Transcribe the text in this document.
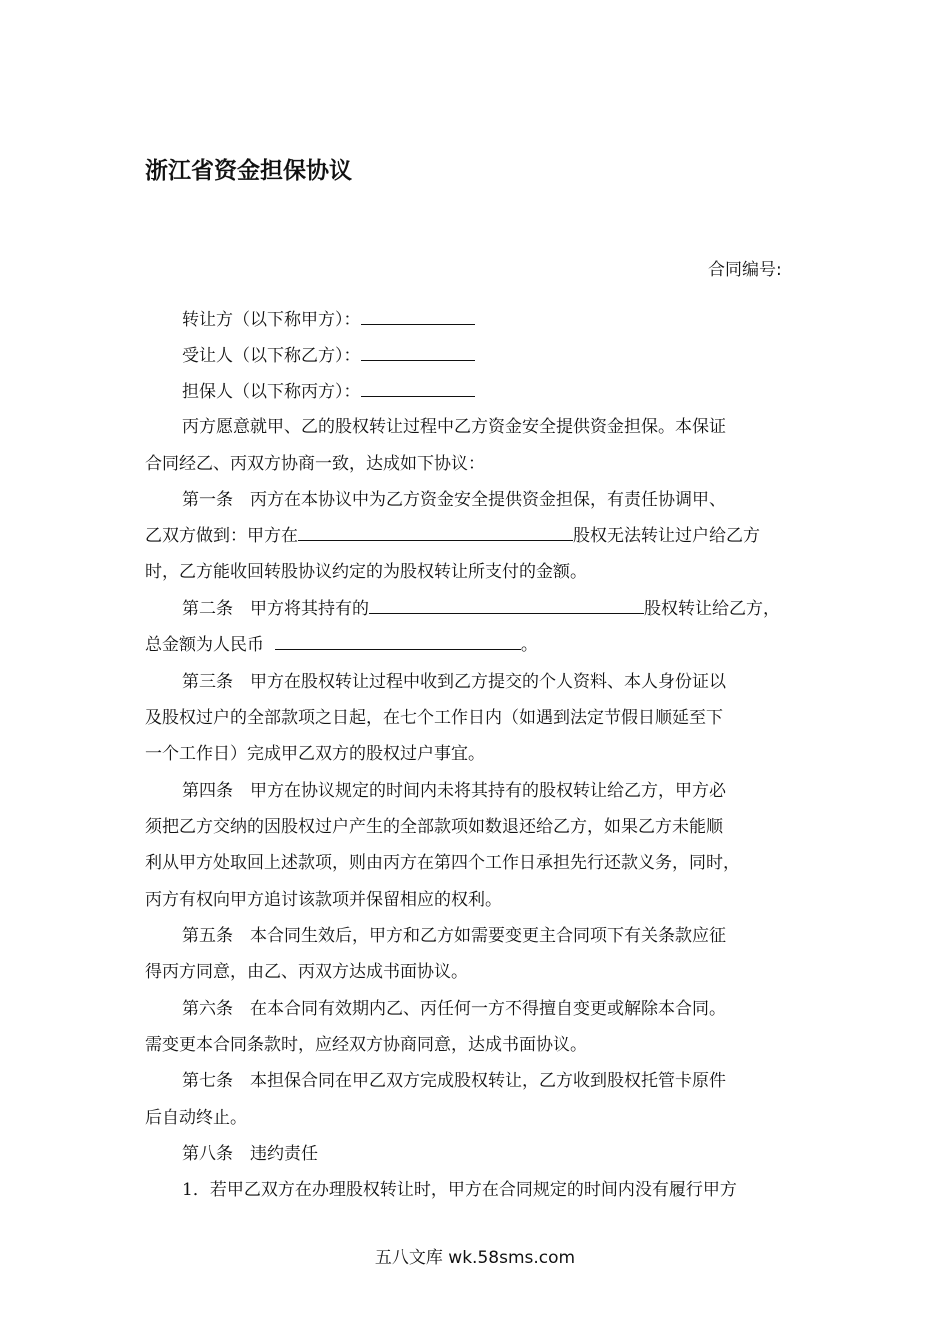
浙江省资金担保协议
合同编号:
转让方（以下称甲方）：
受让人（以下称乙方）：
担保人（以下称丙方）：
丙方愿意就甲、乙的股权转让过程中乙方资金安全提供资金担保。本保证
合同经乙、丙双方协商一致，达成如下协议：
第一条　丙方在本协议中为乙方资金安全提供资金担保，有责任协调甲、
乙双方做到：甲方在	股权无法转让过户给乙方
时，乙方能收回转股协议约定的为股权转让所支付的金额。
第二条　甲方将其持有的	股权转让给乙方，
总金额为人民币	。
第三条　甲方在股权转让过程中收到乙方提交的个人资料、本人身份证以
及股权过户的全部款项之日起，在七个工作日内（如遇到法定节假日顺延至下
一个工作日）完成甲乙双方的股权过户事宜。
第四条　甲方在协议规定的时间内未将其持有的股权转让给乙方，甲方必
须把乙方交纳的因股权过户产生的全部款项如数退还给乙方，如果乙方未能顺
利从甲方处取回上述款项，则由丙方在第四个工作日承担先行还款义务，同时，
丙方有权向甲方追讨该款项并保留相应的权利。
第五条　本合同生效后，甲方和乙方如需要变更主合同项下有关条款应征
得丙方同意，由乙、丙双方达成书面协议。
第六条　在本合同有效期内乙、丙任何一方不得擅自变更或解除本合同。
需变更本合同条款时，应经双方协商同意，达成书面协议。
第七条　本担保合同在甲乙双方完成股权转让，乙方收到股权托管卡原件
后自动终止。
第八条　违约责任
1．若甲乙双方在办理股权转让时，甲方在合同规定的时间内没有履行甲方
五八文库 wk.58sms.com
